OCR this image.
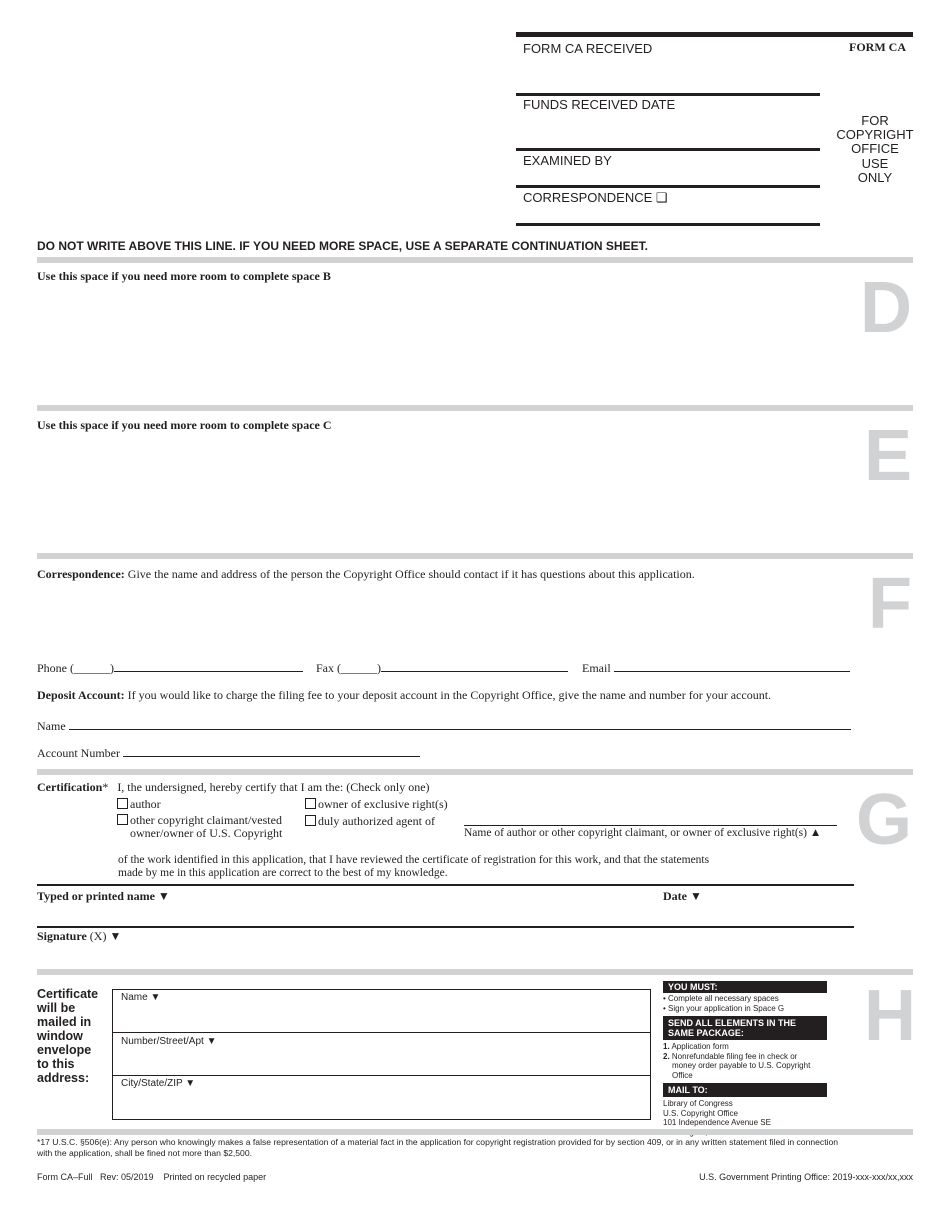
FORM CA RECEIVED	FORM CA
FUNDS RECEIVED DATE
EXAMINED BY
CORRESPONDENCE ❑
FOR
COPYRIGHT
OFFICE
USE
ONLY
DO NOT WRITE ABOVE THIS LINE. IF YOU NEED MORE SPACE, USE A SEPARATE CONTINUATION SHEET.
Use this space if you need more room to complete space B	D
Use this space if you need more room to complete space C	E
Correspondence: Give the name and address of the person the Copyright Office should contact if it has questions about this application. F
Phone (______)	Fax (______)	Email
Deposit Account: If you would like to charge the filing fee to your deposit account in the Copyright Office, give the name and number for your account.
Name
Account Number
G
Certification* I, the undersigned, hereby certify that I am the: (Check only one)
author	owner of exclusive right(s)
other copyright claimant/vested
owner/owner of U.S. Copyright
duly authorized agent of
Name of author or other copyright claimant, or owner of exclusive right(s) ▲
of the work identified in this application, that I have reviewed the certificate of registration for this work, and that the statements
made by me in this application are correct to the best of my knowledge.
Typed or printed name ▼	Date ▼
Signature (X) ▼
H
Certificate
will be
mailed in
window
envelope
to this
address:
Name ▼
Number/Street/Apt ▼
City/State/ZIP ▼
YOU MUST:
• Complete all necessary spaces
• Sign your application in Space G
SEND ALL ELEMENTS IN THE
SAME PACKAGE:
1. Application form
2. Nonrefundable filing fee in check or
money order payable to U.S. Copyright
Office
MAIL TO:
Library of Congress
U.S. Copyright Office
101 Independence Avenue SE
*17 U.S.C. §506(e): Any person who knowingly makes a false representation of a material fact in the application for copyright registration provided for by section 409, or in any written statement filed in connection
with the application, shall be fined not more than $2,500.
Form CA–Full   Rev: 05/2019    Printed on recycled paper	U.S. Government Printing Office: 2019-xxx-xxx/xx,xxx
